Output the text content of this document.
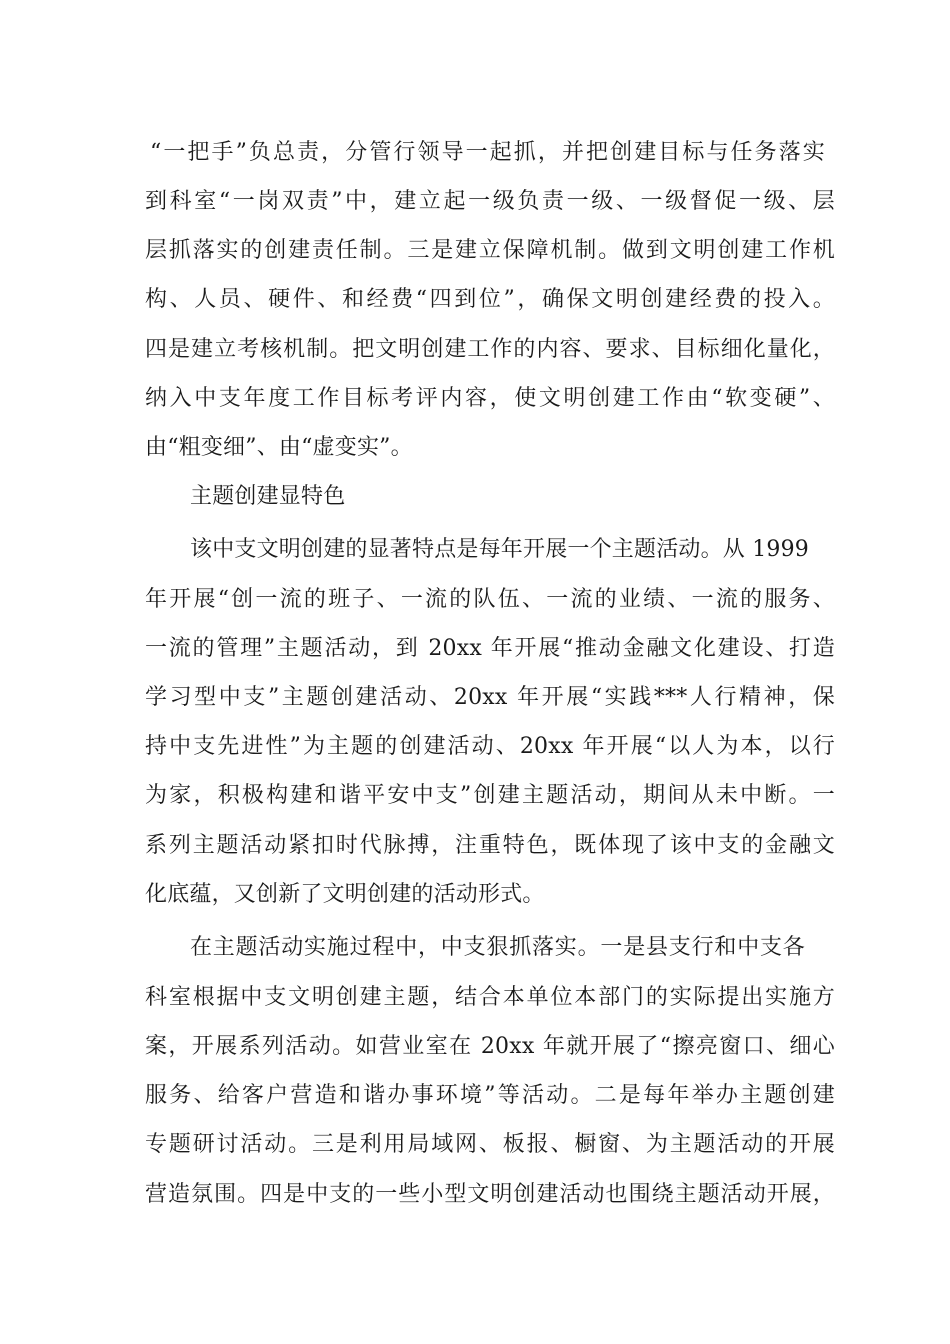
“一把手”负总责，分管行领导一起抓，并把创建目标与任务落实
到科室“一岗双责”中，建立起一级负责一级、一级督促一级、层
层抓落实的创建责任制。三是建立保障机制。做到文明创建工作机
构、人员、硬件、和经费“四到位”，确保文明创建经费的投入。
四是建立考核机制。把文明创建工作的内容、要求、目标细化量化，
纳入中支年度工作目标考评内容，使文明创建工作由“软变硬”、
由“粗变细”、由“虚变实”。
主题创建显特色
该中支文明创建的显著特点是每年开展一个主题活动。从 1999
年开展“创一流的班子、一流的队伍、一流的业绩、一流的服务、
一流的管理”主题活动，到 20xx 年开展“推动金融文化建设、打造
学习型中支”主题创建活动、20xx 年开展“实践***人行精神，保
持中支先进性”为主题的创建活动、20xx 年开展“以人为本，以行
为家，积极构建和谐平安中支”创建主题活动，期间从未中断。一
系列主题活动紧扣时代脉搏，注重特色，既体现了该中支的金融文
化底蕴，又创新了文明创建的活动形式。
在主题活动实施过程中，中支狠抓落实。一是县支行和中支各
科室根据中支文明创建主题，结合本单位本部门的实际提出实施方
案，开展系列活动。如营业室在 20xx 年就开展了“擦亮窗口、细心
服务、给客户营造和谐办事环境”等活动。二是每年举办主题创建
专题研讨活动。三是利用局域网、板报、橱窗、为主题活动的开展
营造氛围。四是中支的一些小型文明创建活动也围绕主题活动开展，
